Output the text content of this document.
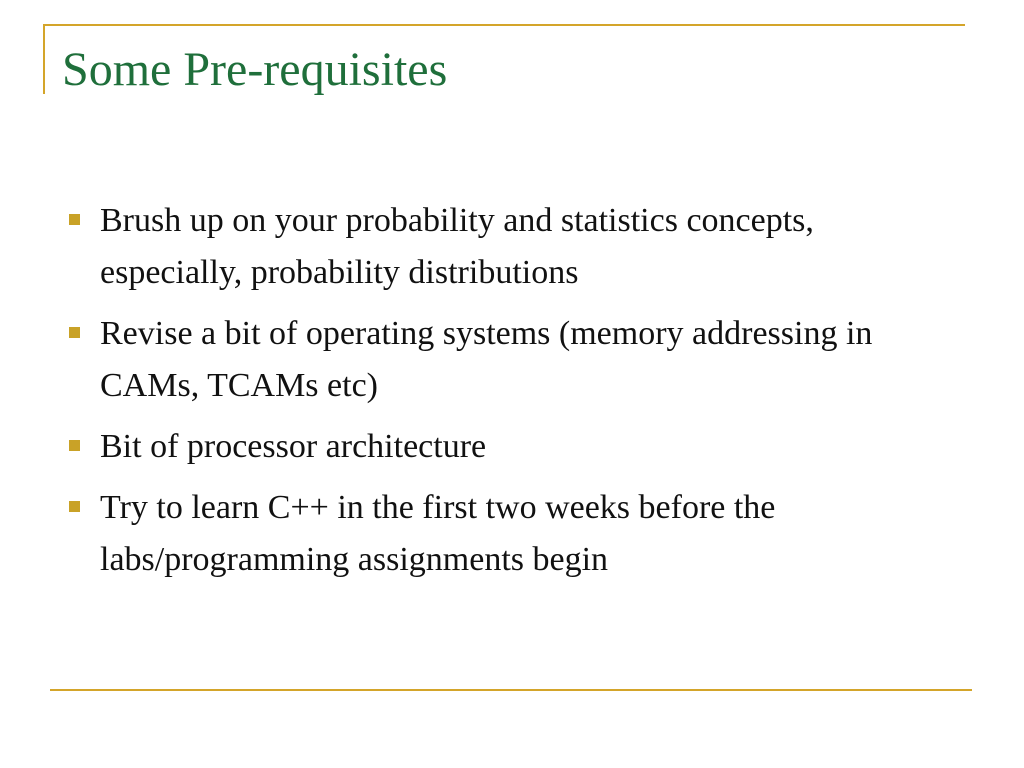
Some Pre-requisites
Brush up on your probability and statistics concepts, especially, probability distributions
Revise a bit of operating systems (memory addressing in CAMs, TCAMs etc)
Bit of processor architecture
Try to learn C++ in the first two weeks before the labs/programming assignments begin
